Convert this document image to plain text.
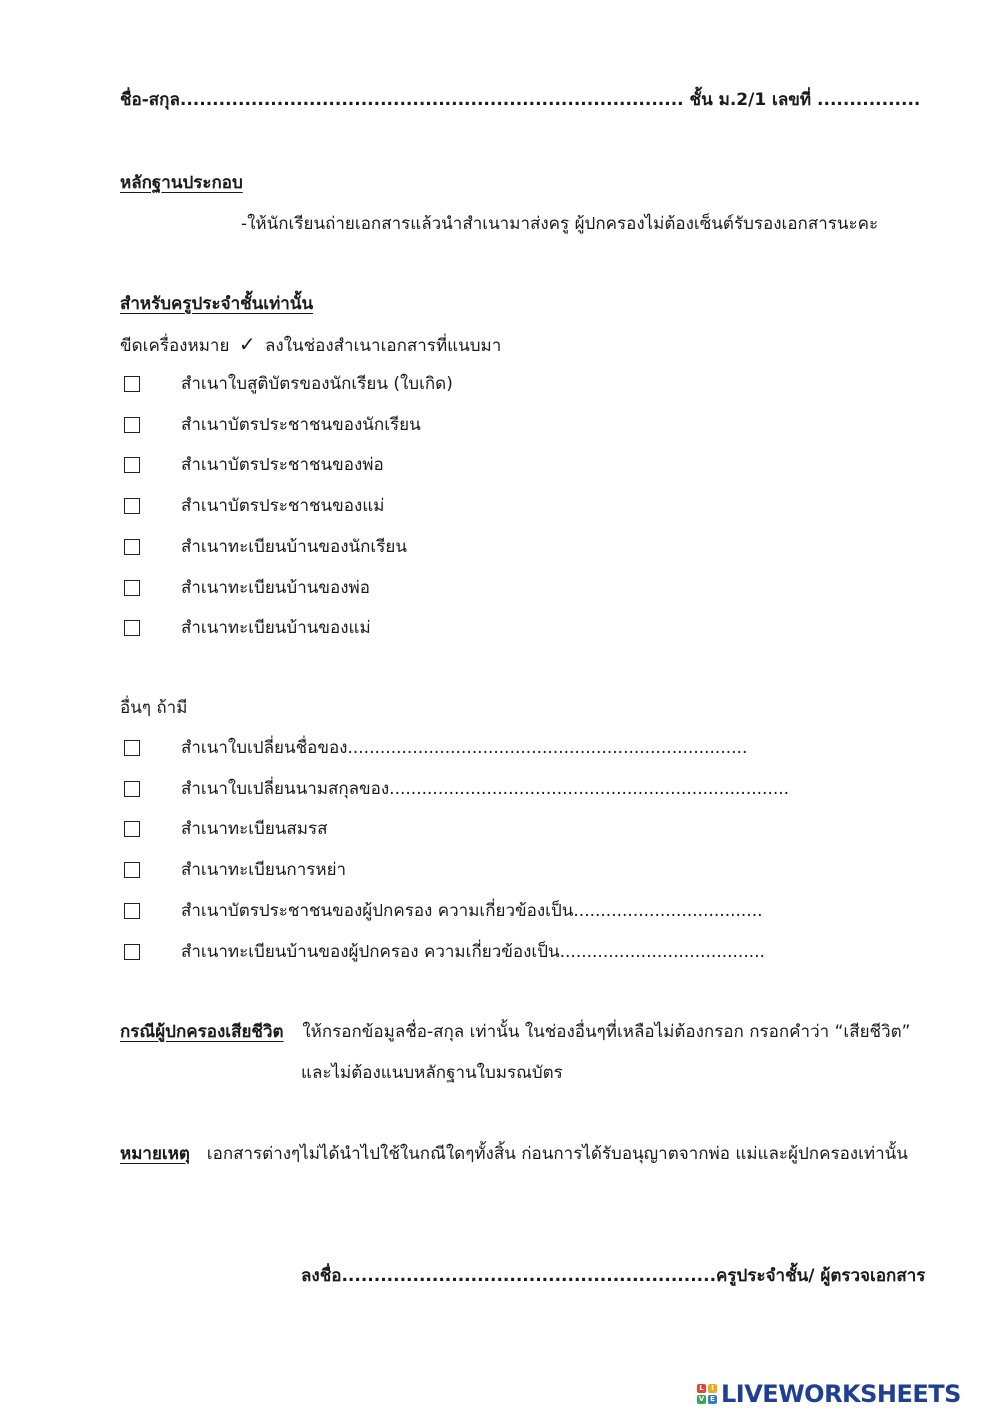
ชื่อ-สกุล.............................................................................. ชั้น ม.2/1 เลขที่ ................
หลักฐานประกอบ
-ให้นักเรียนถ่ายเอกสารแล้วนำสำเนามาส่งครู ผู้ปกครองไม่ต้องเซ็นต์รับรองเอกสารนะคะ
สำหรับครูประจำชั้นเท่านั้น
ขีดเครื่องหมาย ✓ ลงในช่องสำเนาเอกสารที่แนบมา
สำเนาใบสูติบัตรของนักเรียน (ใบเกิด)
สำเนาบัตรประชาชนของนักเรียน
สำเนาบัตรประชาชนของพ่อ
สำเนาบัตรประชาชนของแม่
สำเนาทะเบียนบ้านของนักเรียน
สำเนาทะเบียนบ้านของพ่อ
สำเนาทะเบียนบ้านของแม่
อื่นๆ ถ้ามี
สำเนาใบเปลี่ยนชื่อของ..........................................................................
สำเนาใบเปลี่ยนนามสกุลของ..........................................................................
สำเนาทะเบียนสมรส
สำเนาทะเบียนการหย่า
สำเนาบัตรประชาชนของผู้ปกครอง ความเกี่ยวข้องเป็น...................................
สำเนาทะเบียนบ้านของผู้ปกครอง ความเกี่ยวข้องเป็น......................................
กรณีผู้ปกครองเสียชีวิต ให้กรอกข้อมูลชื่อ-สกุล เท่านั้น ในช่องอื่นๆที่เหลือไม่ต้องกรอก กรอกคำว่า “เสียชีวิต”
และไม่ต้องแนบหลักฐานใบมรณบัตร
หมายเหตุ เอกสารต่างๆไม่ได้นำไปใช้ในกณีใดๆทั้งสิ้น ก่อนการได้รับอนุญาตจากพ่อ แม่และผู้ปกครองเท่านั้น
ลงชื่อ..........................................................ครูประจำชั้น/ ผู้ตรวจเอกสาร
L	I
V E LIVEWORKSHEETS
